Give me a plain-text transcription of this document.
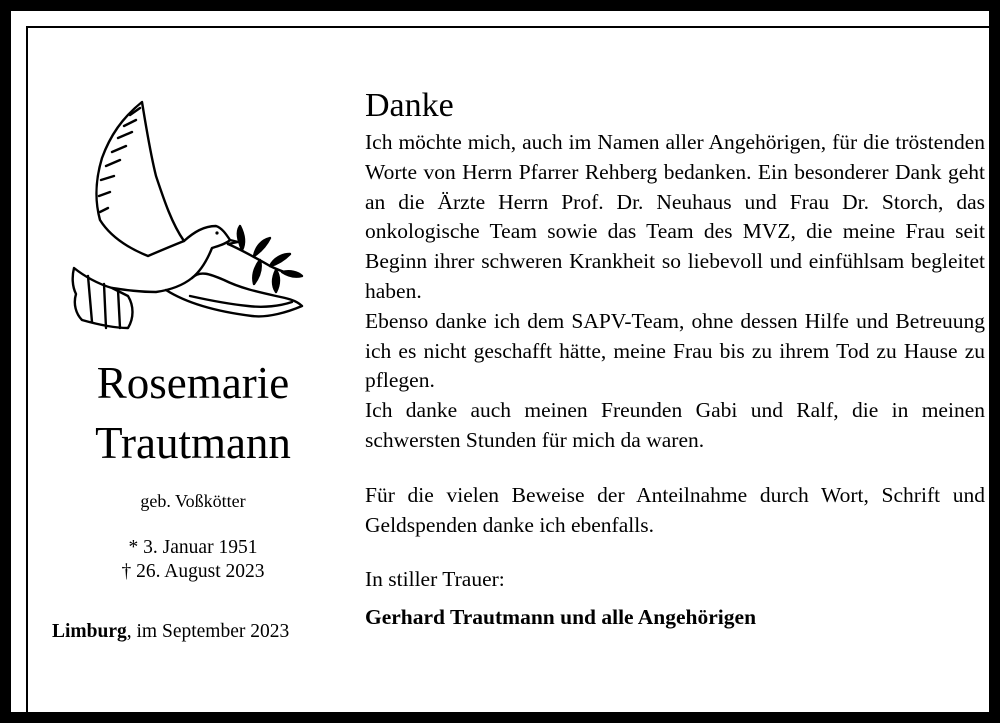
Rosemarie
Trautmann
geb. Voßkötter
* 3. Januar 1951
† 26. August 2023
Limburg, im September 2023
Danke

Ich möchte mich, auch im Namen aller Angehörigen, für die tröstenden Worte von Herrn Pfarrer Rehberg bedanken. Ein besonderer Dank geht an die Ärzte Herrn Prof. Dr. Neuhaus und Frau Dr. Storch, das onkologische Team sowie das Team des MVZ, die meine Frau seit Beginn ihrer schweren Krankheit so liebevoll und einfühlsam begleitet haben.

Ebenso danke ich dem SAPV-Team, ohne dessen Hilfe und Betreuung ich es nicht geschafft hätte, meine Frau bis zu ihrem Tod zu Hause zu pflegen.

Ich danke auch meinen Freunden Gabi und Ralf, die in meinen schwersten Stunden für mich da waren.

Für die vielen Beweise der Anteilnahme durch Wort, Schrift und Geldspenden danke ich ebenfalls.

In stiller Trauer:

Gerhard Trautmann und alle Angehörigen
